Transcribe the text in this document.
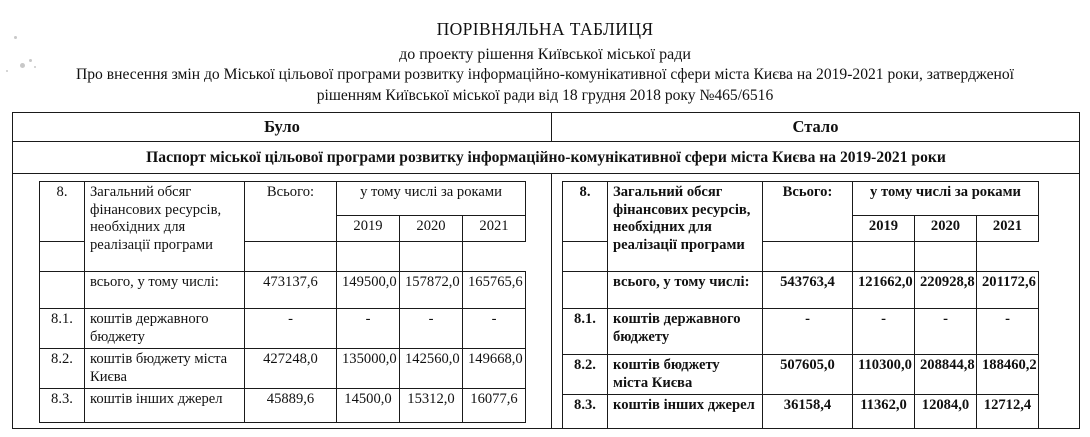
ПОРІВНЯЛЬНА ТАБЛИЦЯ
до проекту рішення Київської міської ради
Про внесення змін до Міської цільової програми розвитку інформаційно-комунікативної сфери міста Києва на 2019-2021 роки, затвердженої
рішенням Київської міської ради від 18 грудня 2018 року №465/6516
Було	Стало
Паспорт міської цільової програми розвитку інформаційно-комунікативної сфери міста Києва на 2019-2021 роки
8.	Загальний обсяг фінансових ресурсів, необхідних для реалізації програми	Всього:	у тому числі за роками		
			2019	2020	2021

	всього, у тому числі:	473137,6	149500,0	157872,0	165765,6
8.1.	коштів державного бюджету	-	-	-	-
8.2.	коштів бюджету міста Києва	427248,0	135000,0	142560,0	149668,0
8.3.	коштів інших джерел	45889,6	14500,0	15312,0	16077,6
8.	Загальний обсяг фінансових ресурсів, необхідних для реалізації програми	Всього:	у тому числі за роками		
			2019	2020	2021

	всього, у тому числі:	543763,4	121662,0	220928,8	201172,6
8.1.	коштів державного бюджету	-	-	-	-
8.2.	коштів бюджету міста Києва	507605,0	110300,0	208844,8	188460,2
8.3.	коштів інших джерел	36158,4	11362,0	12084,0	12712,4
